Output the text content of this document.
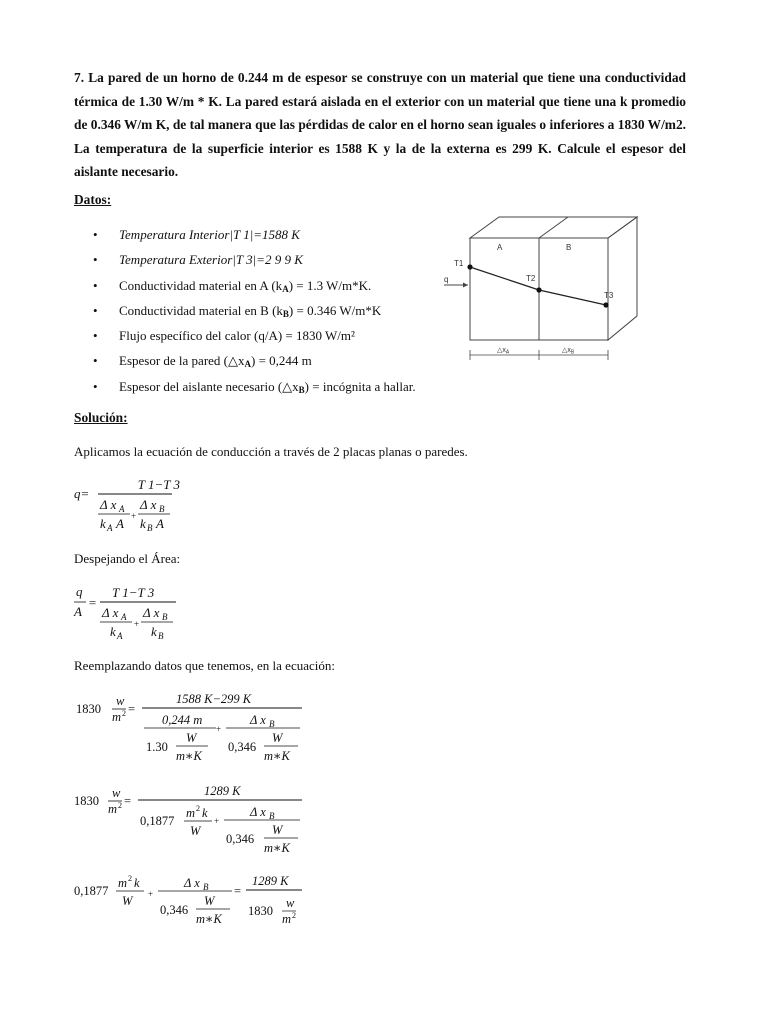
7. La pared de un horno de 0.244 m de espesor se construye con un material que tiene una conductividad térmica de 1.30 W/m * K. La pared estará aislada en el exterior con un material que tiene una k promedio de 0.346 W/m K, de tal manera que las pérdidas de calor en el horno sean iguales o inferiores a 1830 W/m2. La temperatura de la superficie interior es 1588 K y la de la externa es 299 K. Calcule el espesor del aislante necesario.

Datos:

• Temperatura Interior|T 1|=1588 K
• Temperatura Exterior|T 3|=2 9 9 K
• Conductividad material en A $(k_A) = 1.3$ W/m*K.
• Conductividad material en B $(k_B) = 0.346$ W/m*K
• Flujo específico del calor (q/A) = 1830 W/m²
• Espesor de la pared $(\triangle x_A) = 0,244$ m
• Espesor del aislante necesario $(\triangle x_B)$ = incógnita a hallar.
A	B
T1
T2
T3
q
$\triangle x_A$	$\triangle x_B$

Solución:

Aplicamos la ecuación de conducción a través de 2 placas planas o paredes.

q=
T 1−T 3
Δ x A
k A A +
Δ x B
k B A

Despejando el Área:

q
A
=
T 1−T 3
Δ x A
k A
+
Δ x B
k B

Reemplazando datos que tenemos, en la ecuación:

1830
w
m 2 =
1588 K−299 K
0,244 m
1.30
W
m∗K
+
Δ x B
0,346
W
m∗K
1830
w
m 2 =
1289 K
0,1877
m 2 k
W
+
Δ x B
0,346
W
m∗K
0,1877
m 2 k
W +
Δ x B
0,346
W
m∗K
=
1289 K
1830
w
m 2
